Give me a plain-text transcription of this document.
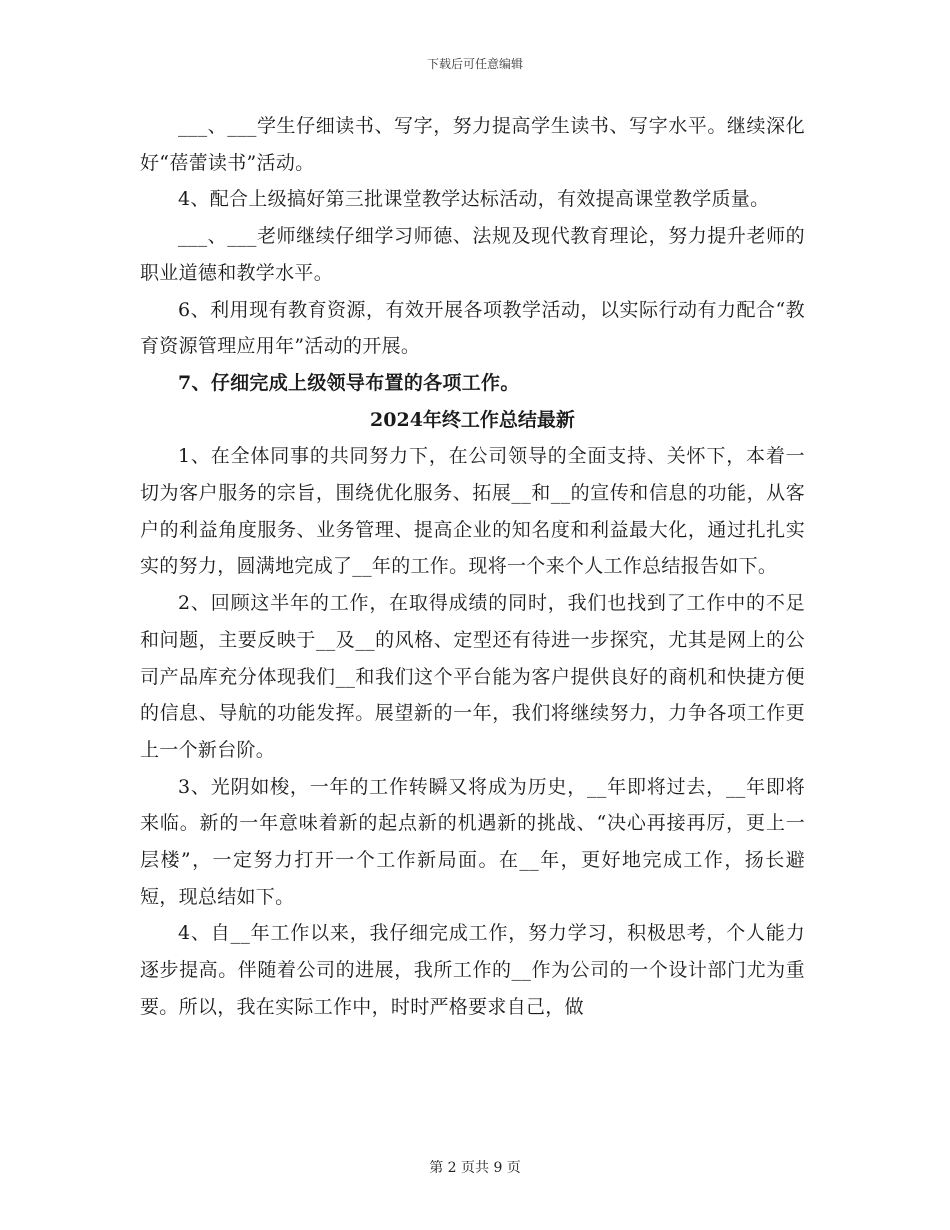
下载后可任意编辑

___、___学生仔细读书、写字，努力提高学生读书、写字水平。继续深化好“蓓蕾读书”活动。

4、配合上级搞好第三批课堂教学达标活动，有效提高课堂教学质量。

___、___老师继续仔细学习师德、法规及现代教育理论，努力提升老师的职业道德和教学水平。

6、利用现有教育资源，有效开展各项教学活动，以实际行动有力配合“教育资源管理应用年”活动的开展。

7、仔细完成上级领导布置的各项工作。

2024年终工作总结最新

1、在全体同事的共同努力下，在公司领导的全面支持、关怀下，本着一切为客户服务的宗旨，围绕优化服务、拓展__和__的宣传和信息的功能，从客户的利益角度服务、业务管理、提高企业的知名度和利益最大化，通过扎扎实实的努力，圆满地完成了__年的工作。现将一个来个人工作总结报告如下。

2、回顾这半年的工作，在取得成绩的同时，我们也找到了工作中的不足和问题，主要反映于__及__的风格、定型还有待进一步探究，尤其是网上的公司产品库充分体现我们__和我们这个平台能为客户提供良好的商机和快捷方便的信息、导航的功能发挥。展望新的一年，我们将继续努力，力争各项工作更上一个新台阶。

3、光阴如梭，一年的工作转瞬又将成为历史，__年即将过去，__年即将来临。新的一年意味着新的起点新的机遇新的挑战、“决心再接再厉，更上一层楼”，一定努力打开一个工作新局面。在__年，更好地完成工作，扬长避短，现总结如下。

4、自__年工作以来，我仔细完成工作，努力学习，积极思考，个人能力逐步提高。伴随着公司的进展，我所工作的__作为公司的一个设计部门尤为重要。所以，我在实际工作中，时时严格要求自己，做

第 2 页共 9 页
